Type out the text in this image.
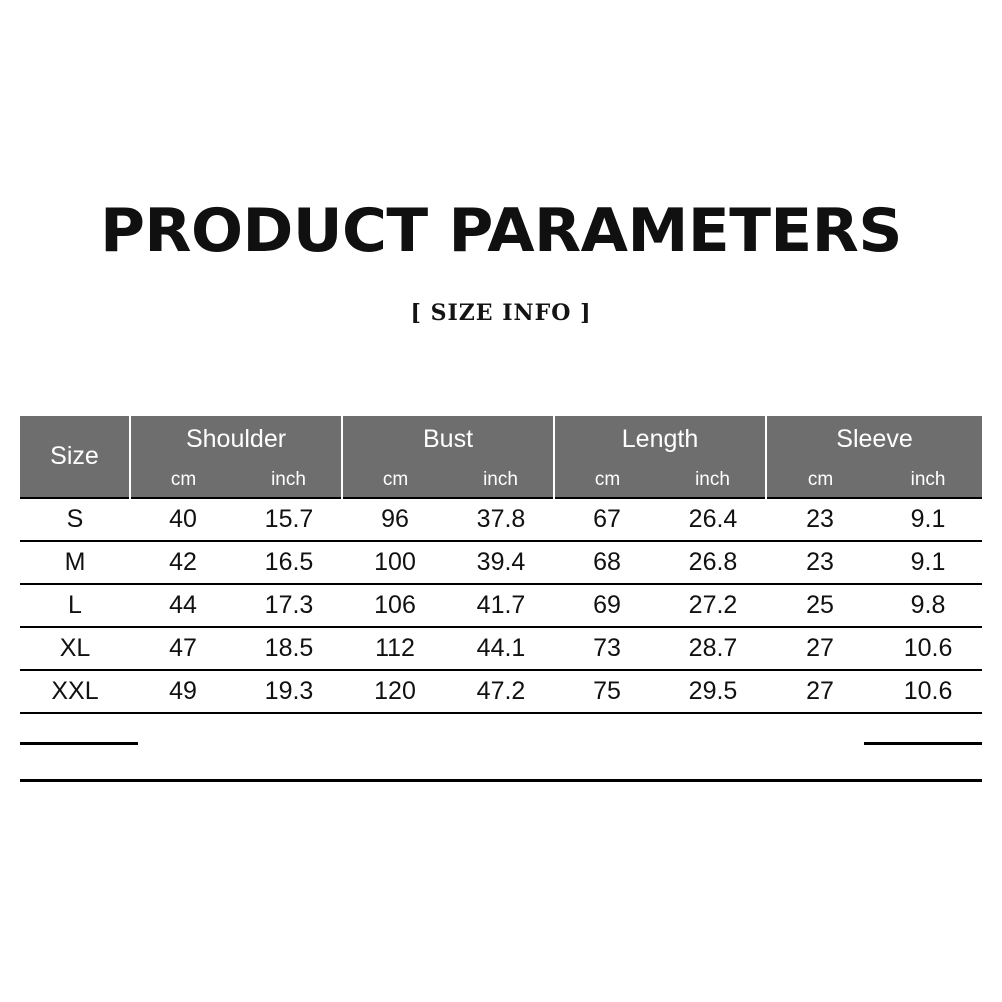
PRODUCT PARAMETERS
[ SIZE INFO ]
Size	Shoulder		Bust		Length		Sleeve	
	cm	inch	cm	inch	cm	inch	cm	inch
S	40	15.7	96	37.8	67	26.4	23	9.1
M	42	16.5	100	39.4	68	26.8	23	9.1
L	44	17.3	106	41.7	69	27.2	25	9.8
XL	47	18.5	112	44.1	73	28.7	27	10.6
XXL	49	19.3	120	47.2	75	29.5	27	10.6
